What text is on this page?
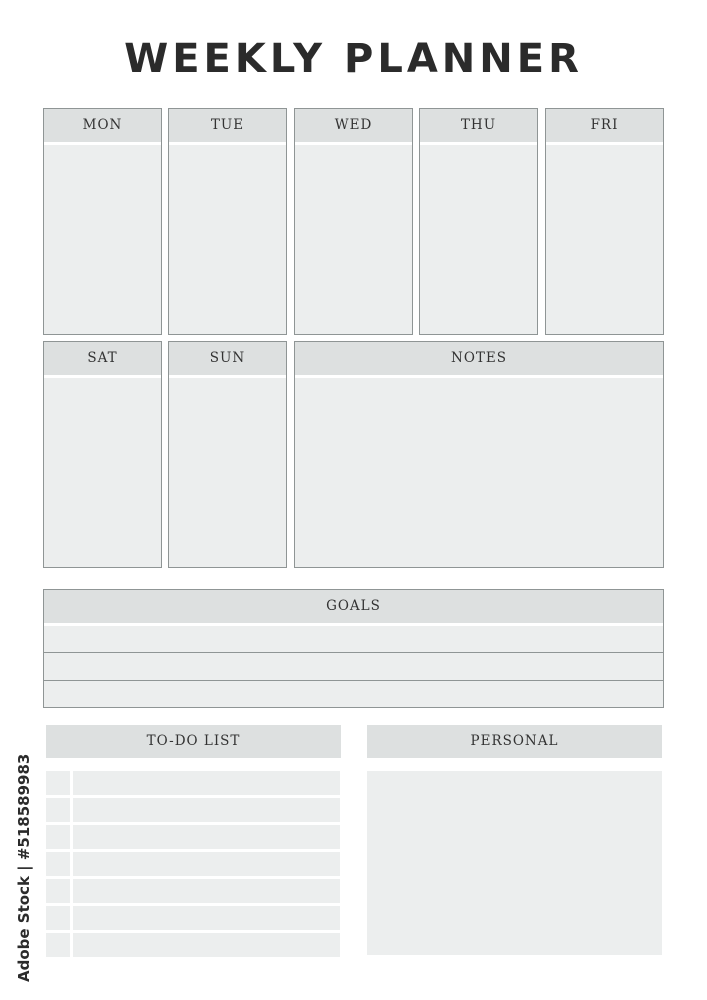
WEEKLY PLANNER
MON	TUE	WED	THU	FRI
SAT	SUN	NOTES
GOALS
TO-DO LIST	PERSONAL
Adobe Stock | #518589983
